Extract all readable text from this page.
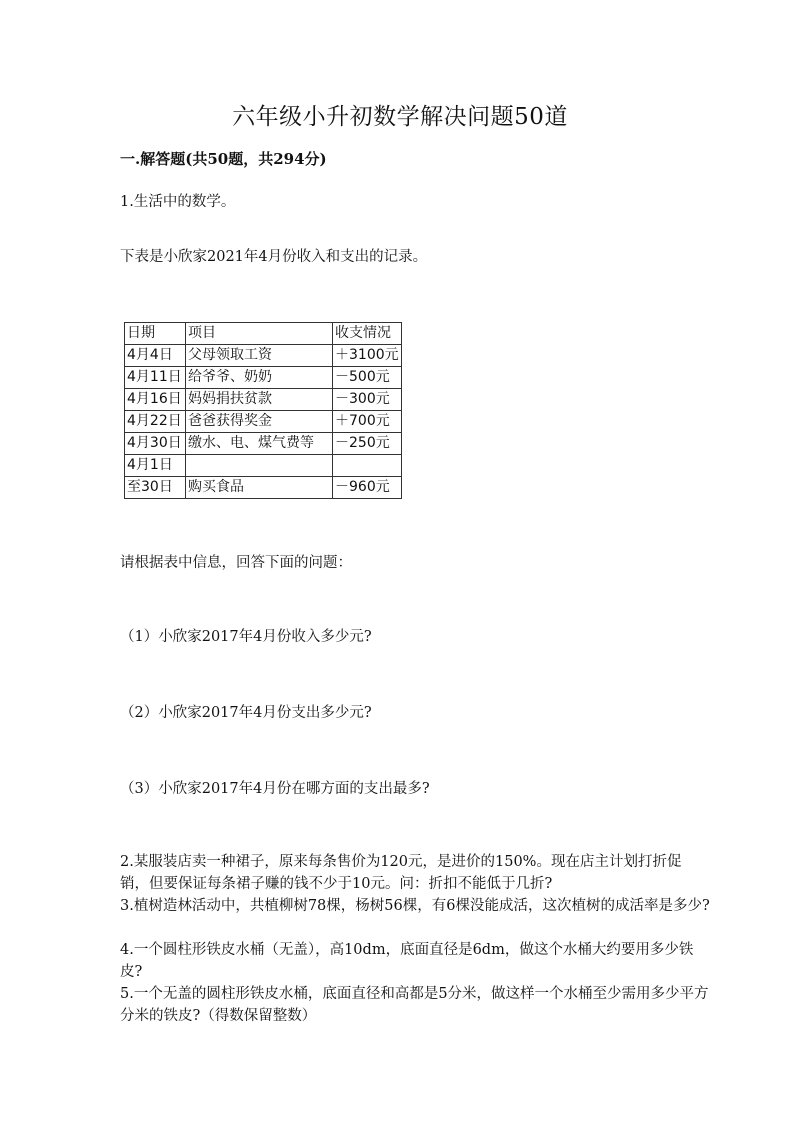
六年级小升初数学解决问题50道
一.解答题(共50题，共294分)
1.生活中的数学。
下表是小欣家2021年4月份收入和支出的记录。
日期	项目	收支情况
4月4日	父母领取工资	＋3100元
4月11日	给爷爷、奶奶	－500元
4月16日	妈妈捐扶贫款	－300元
4月22日	爸爸获得奖金	＋700元
4月30日	缴水、电、煤气费等	－250元
4月1日		
至30日	购买食品	－960元
请根据表中信息，回答下面的问题：
（1）小欣家2017年4月份收入多少元?
（2）小欣家2017年4月份支出多少元?
（3）小欣家2017年4月份在哪方面的支出最多?
2.某服装店卖一种裙子，原来每条售价为120元，是进价的150%。现在店主计划打折促销，但要保证每条裙子赚的钱不少于10元。问：折扣不能低于几折?
3.植树造林活动中，共植柳树78棵，杨树56棵，有6棵没能成活，这次植树的成活率是多少?
4.一个圆柱形铁皮水桶（无盖），高10dm，底面直径是6dm，做这个水桶大约要用多少铁皮?
5.一个无盖的圆柱形铁皮水桶，底面直径和高都是5分米，做这样一个水桶至少需用多少平方分米的铁皮?（得数保留整数）
